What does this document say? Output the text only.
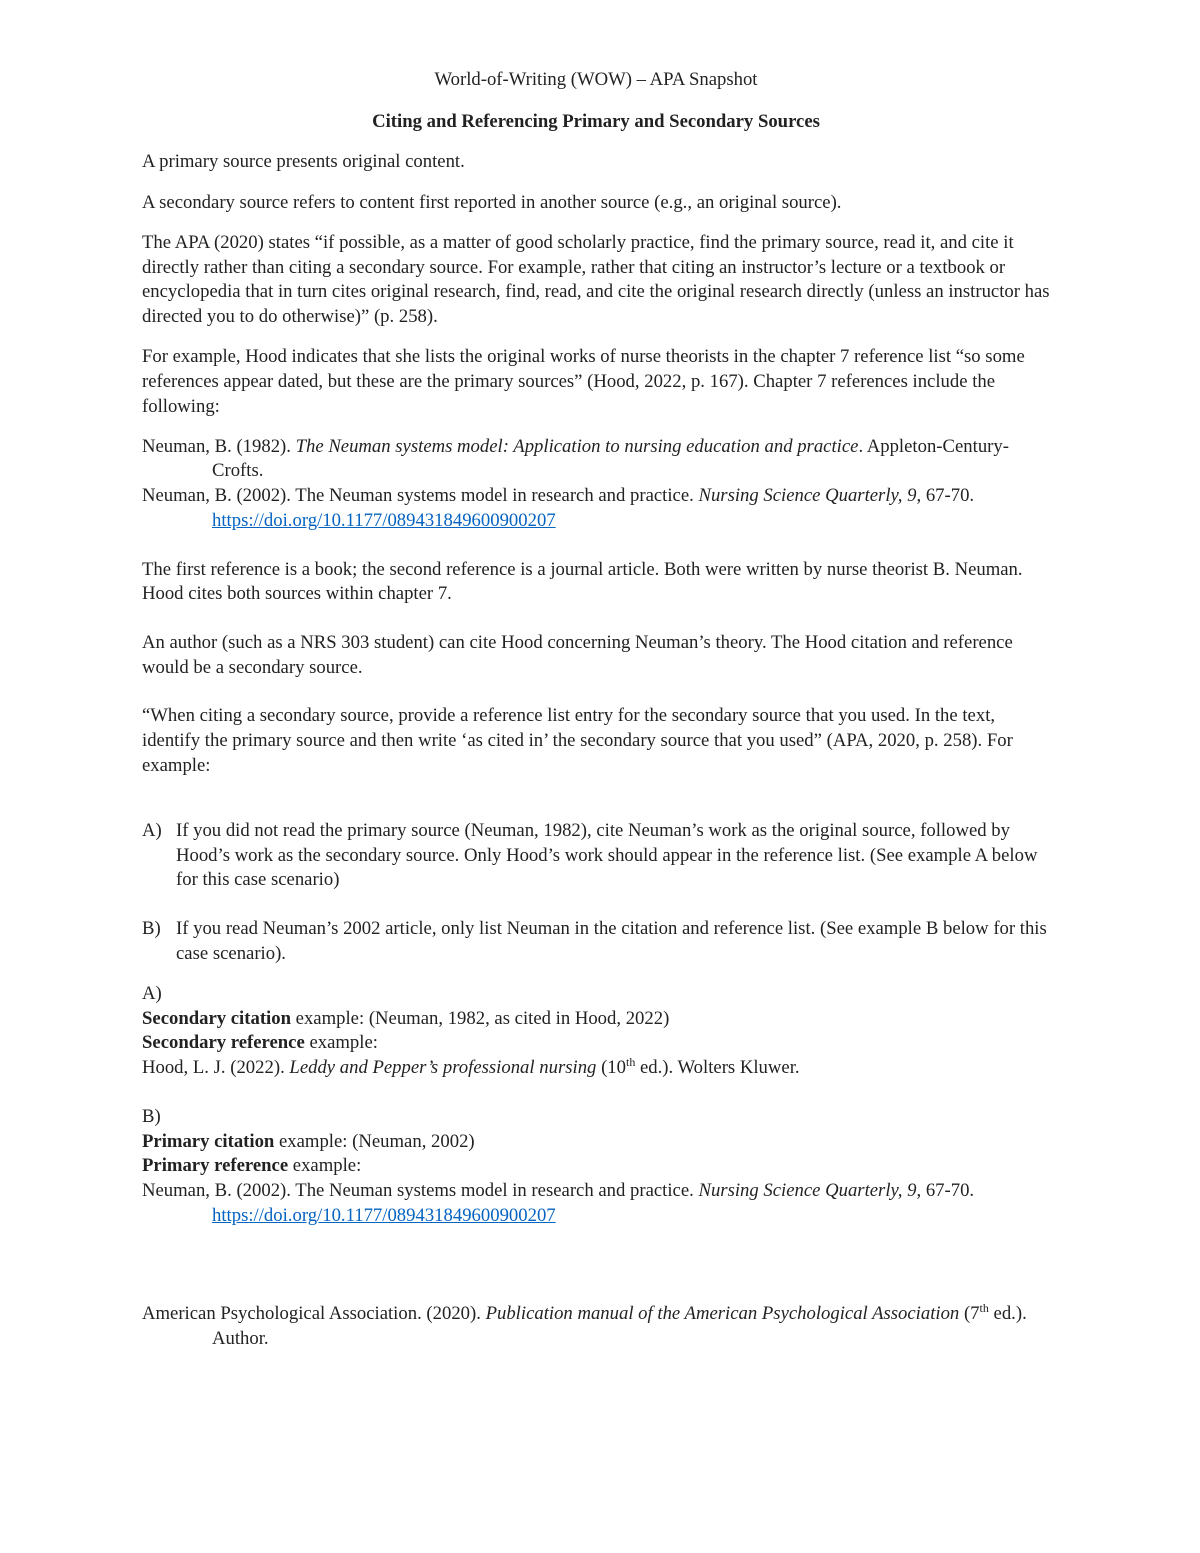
World-of-Writing (WOW) – APA Snapshot

Citing and Referencing Primary and Secondary Sources

A primary source presents original content.

A secondary source refers to content first reported in another source (e.g., an original source).

The APA (2020) states “if possible, as a matter of good scholarly practice, find the primary source, read it, and cite it directly rather than citing a secondary source. For example, rather that citing an instructor’s lecture or a textbook or encyclopedia that in turn cites original research, find, read, and cite the original research directly (unless an instructor has directed you to do otherwise)” (p. 258).

For example, Hood indicates that she lists the original works of nurse theorists in the chapter 7 reference list “so some references appear dated, but these are the primary sources” (Hood, 2022, p. 167). Chapter 7 references include the following:

Neuman, B. (1982). The Neuman systems model: Application to nursing education and practice. Appleton-Century-Crofts.

Neuman, B. (2002). The Neuman systems model in research and practice. Nursing Science Quarterly, 9, 67-70. https://doi.org/10.1177/089431849600900207

The first reference is a book; the second reference is a journal article. Both were written by nurse theorist B. Neuman. Hood cites both sources within chapter 7.

An author (such as a NRS 303 student) can cite Hood concerning Neuman’s theory. The Hood citation and reference would be a secondary source.

“When citing a secondary source, provide a reference list entry for the secondary source that you used. In the text, identify the primary source and then write ‘as cited in’ the secondary source that you used” (APA, 2020, p. 258). For example:

A) If you did not read the primary source (Neuman, 1982), cite Neuman’s work as the original source, followed by Hood’s work as the secondary source. Only Hood’s work should appear in the reference list. (See example A below for this case scenario)
B) If you read Neuman’s 2002 article, only list Neuman in the citation and reference list. (See example B below for this case scenario).

A)

Secondary citation example: (Neuman, 1982, as cited in Hood, 2022)

Secondary reference example:

Hood, L. J. (2022). Leddy and Pepper’s professional nursing (10th ed.). Wolters Kluwer.

B)

Primary citation example: (Neuman, 2002)

Primary reference example:

Neuman, B. (2002). The Neuman systems model in research and practice. Nursing Science Quarterly, 9, 67-70. https://doi.org/10.1177/089431849600900207

American Psychological Association. (2020). Publication manual of the American Psychological Association (7th ed.). Author.
